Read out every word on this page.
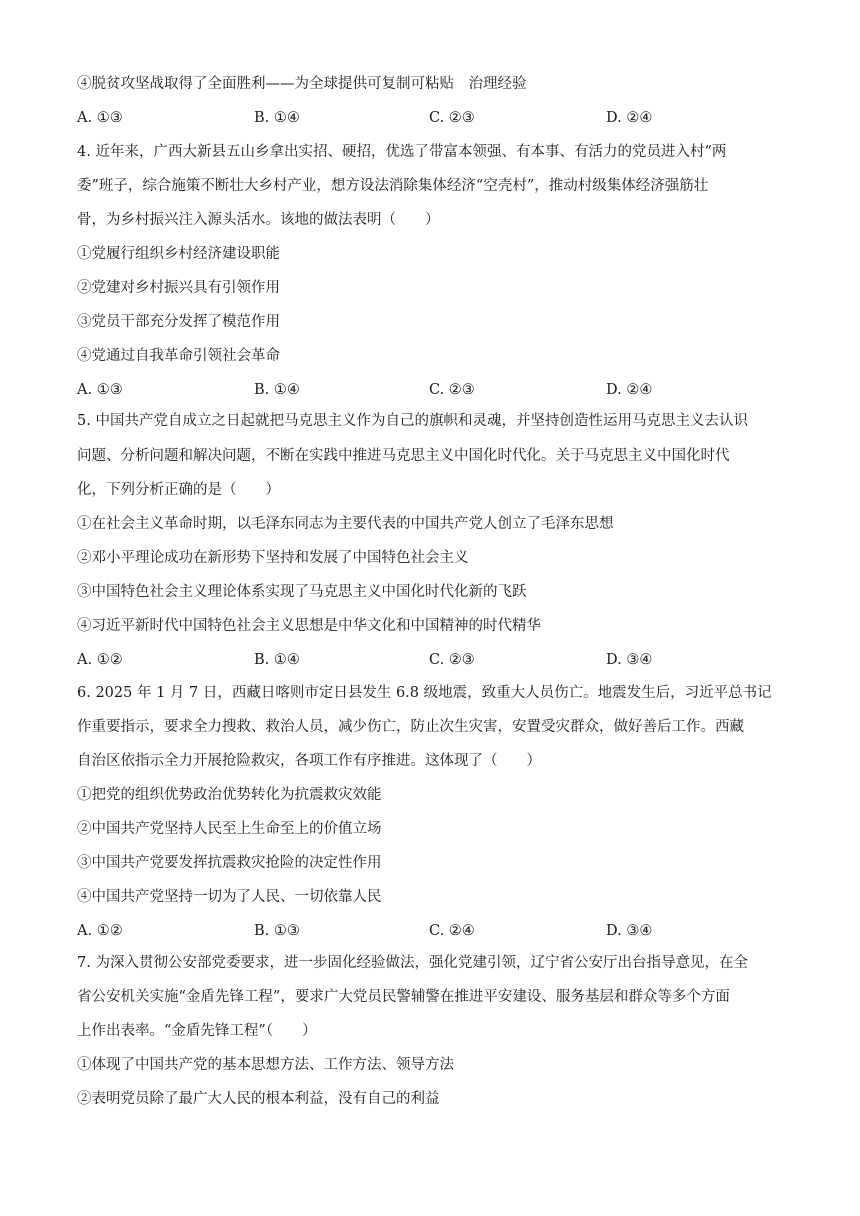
④脱贫攻坚战取得了全面胜利——为全球提供可复制可粘贴　治理经验
A. ①③	B. ①④	C. ②③	D. ②④
4. 近年来，广西大新县五山乡拿出实招、硬招，优选了带富本领强、有本事、有活力的党员进入村“两
委”班子，综合施策不断壮大乡村产业，想方设法消除集体经济“空壳村”，推动村级集体经济强筋壮
骨，为乡村振兴注入源头活水。该地的做法表明（　　）
①党履行组织乡村经济建设职能
②党建对乡村振兴具有引领作用
③党员干部充分发挥了模范作用
④党通过自我革命引领社会革命
A. ①③	B. ①④	C. ②③	D. ②④
5. 中国共产党自成立之日起就把马克思主义作为自己的旗帜和灵魂，并坚持创造性运用马克思主义去认识
问题、分析问题和解决问题，不断在实践中推进马克思主义中国化时代化。关于马克思主义中国化时代
化，下列分析正确的是（　　）
①在社会主义革命时期，以毛泽东同志为主要代表的中国共产党人创立了毛泽东思想
②邓小平理论成功在新形势下坚持和发展了中国特色社会主义
③中国特色社会主义理论体系实现了马克思主义中国化时代化新的飞跃
④习近平新时代中国特色社会主义思想是中华文化和中国精神的时代精华
A. ①②	B. ①④	C. ②③	D. ③④
6. 2025 年 1 月 7 日，西藏日喀则市定日县发生 6.8 级地震，致重大人员伤亡。地震发生后，习近平总书记
作重要指示，要求全力搜救、救治人员，减少伤亡，防止次生灾害，安置受灾群众，做好善后工作。西藏
自治区依指示全力开展抢险救灾，各项工作有序推进。这体现了（　　）
①把党的组织优势政治优势转化为抗震救灾效能
②中国共产党坚持人民至上生命至上的价值立场
③中国共产党要发挥抗震救灾抢险的决定性作用
④中国共产党坚持一切为了人民、一切依靠人民
A. ①②	B. ①③	C. ②④	D. ③④
7. 为深入贯彻公安部党委要求，进一步固化经验做法，强化党建引领，辽宁省公安厅出台指导意见，在全
省公安机关实施“金盾先锋工程”，要求广大党员民警辅警在推进平安建设、服务基层和群众等多个方面
上作出表率。“金盾先锋工程”（　　）
①体现了中国共产党的基本思想方法、工作方法、领导方法
②表明党员除了最广大人民的根本利益，没有自己的利益
